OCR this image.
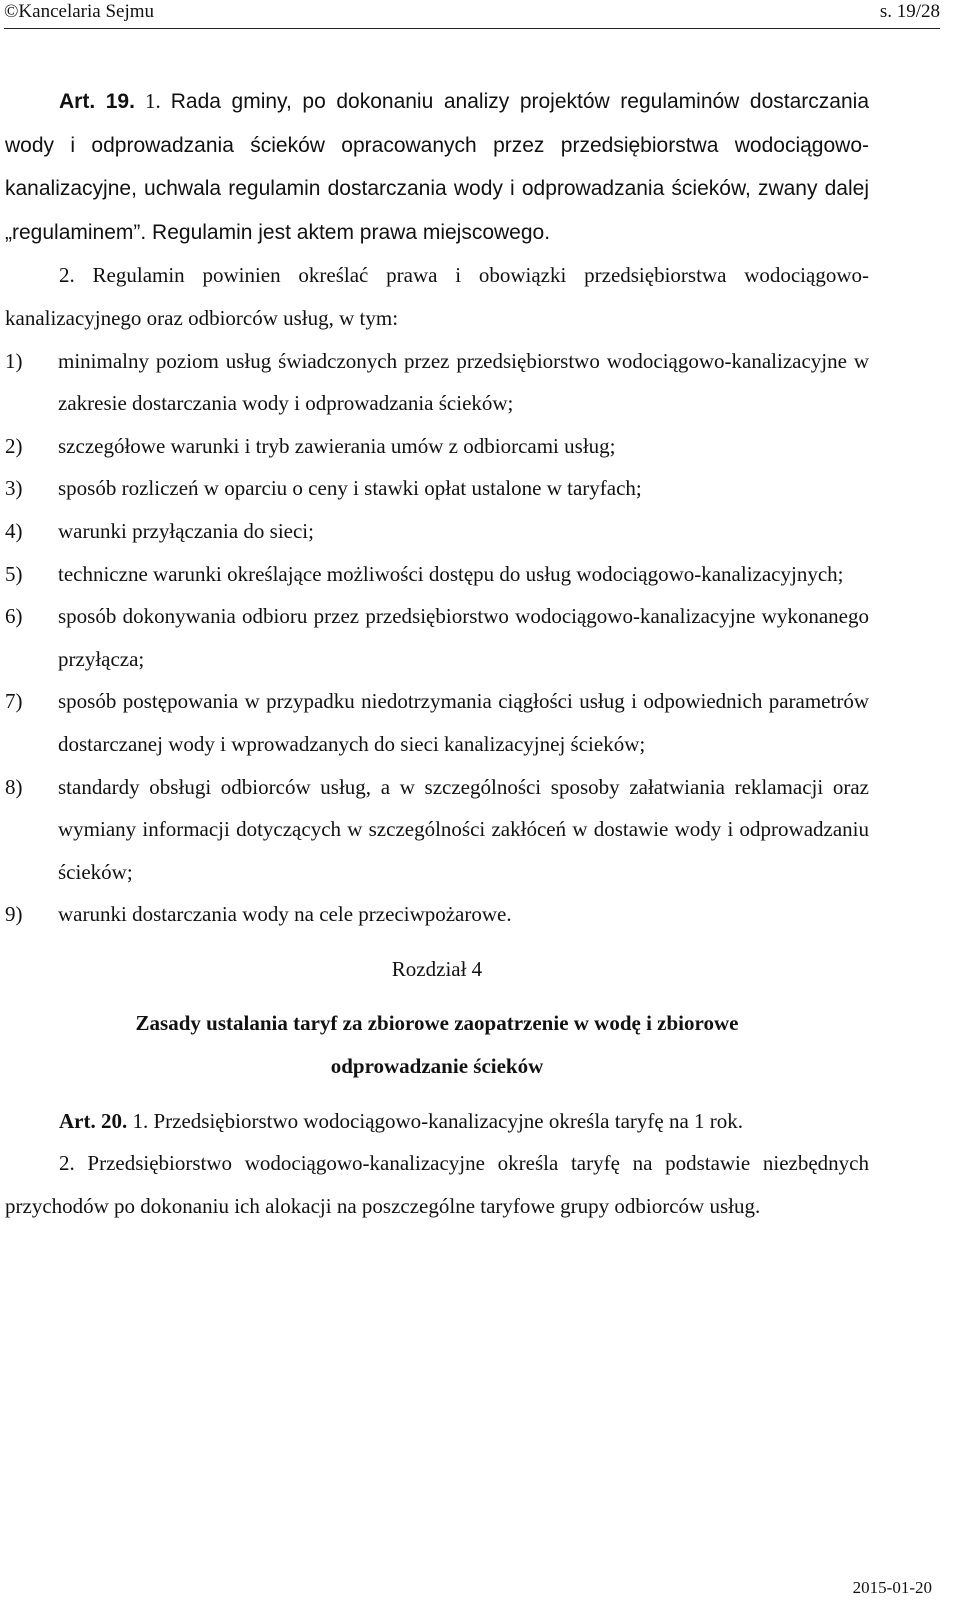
©Kancelaria Sejmu	s. 19/28

Art. 19. 1. Rada gminy, po dokonaniu analizy projektów regulaminów dostarczania wody i odprowadzania ścieków opracowanych przez przedsiębiorstwa wodociągowo-kanalizacyjne, uchwala regulamin dostarczania wody i odprowadzania ścieków, zwany dalej „regulaminem”. Regulamin jest aktem prawa miejscowego.

2. Regulamin powinien określać prawa i obowiązki przedsiębiorstwa wodociągowo-kanalizacyjnego oraz odbiorców usług, w tym:

1) minimalny poziom usług świadczonych przez przedsiębiorstwo wodociągowo-kanalizacyjne w zakresie dostarczania wody i odprowadzania ścieków;
2) szczegółowe warunki i tryb zawierania umów z odbiorcami usług;
3) sposób rozliczeń w oparciu o ceny i stawki opłat ustalone w taryfach;
4) warunki przyłączania do sieci;
5) techniczne warunki określające możliwości dostępu do usług wodociągowo-kanalizacyjnych;
6) sposób dokonywania odbioru przez przedsiębiorstwo wodociągowo-kanalizacyjne wykonanego przyłącza;
7) sposób postępowania w przypadku niedotrzymania ciągłości usług i odpowiednich parametrów dostarczanej wody i wprowadzanych do sieci kanalizacyjnej ścieków;
8) standardy obsługi odbiorców usług, a w szczególności sposoby załatwiania reklamacji oraz wymiany informacji dotyczących w szczególności zakłóceń w dostawie wody i odprowadzaniu ścieków;
9) warunki dostarczania wody na cele przeciwpożarowe.
Rozdział 4
Zasady ustalania taryf za zbiorowe zaopatrzenie w wodę i zbiorowe
odprowadzanie ścieków

Art. 20. 1. Przedsiębiorstwo wodociągowo-kanalizacyjne określa taryfę na 1 rok.

2. Przedsiębiorstwo wodociągowo-kanalizacyjne określa taryfę na podstawie niezbędnych przychodów po dokonaniu ich alokacji na poszczególne taryfowe grupy odbiorców usług.

2015-01-20
